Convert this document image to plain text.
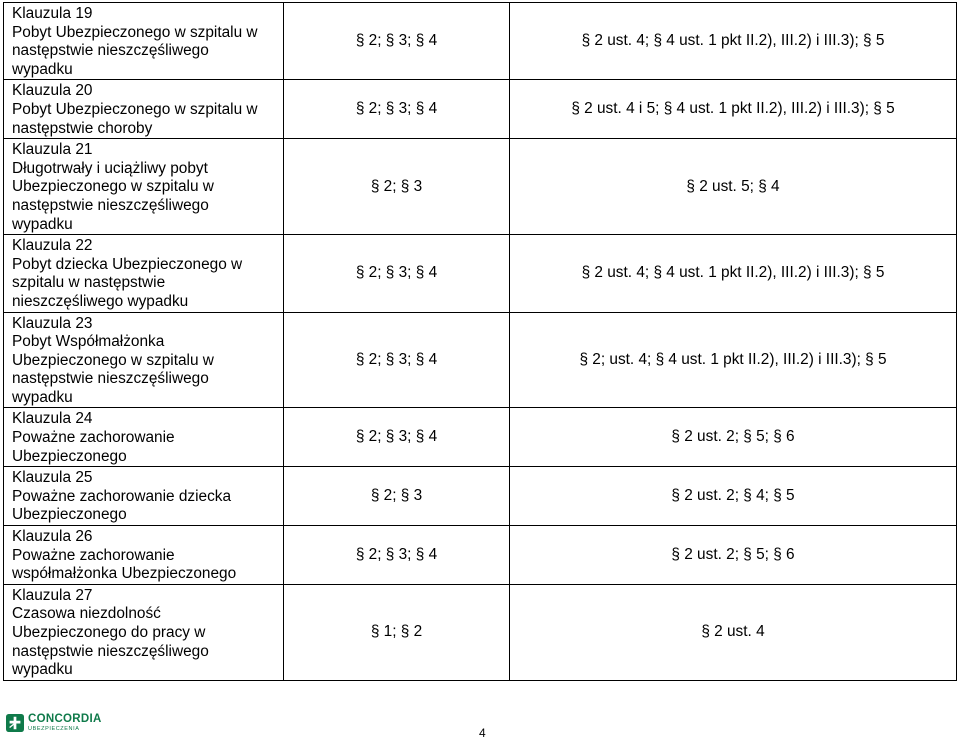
Klauzula 19
Pobyt Ubezpieczonego w szpitalu w
następstwie nieszczęśliwego
wypadku	§ 2; § 3; § 4	§ 2 ust. 4; § 4 ust. 1 pkt II.2), III.2) i III.3); § 5

Klauzula 20
Pobyt Ubezpieczonego w szpitalu w
następstwie choroby	§ 2; § 3; § 4	§ 2 ust. 4 i 5; § 4 ust. 1 pkt II.2), III.2) i III.3); § 5

Klauzula 21
Długotrwały i uciążliwy pobyt
Ubezpieczonego w szpitalu w
następstwie nieszczęśliwego
wypadku	§ 2; § 3	§ 2 ust. 5; § 4

Klauzula 22
Pobyt dziecka Ubezpieczonego w
szpitalu w następstwie
nieszczęśliwego wypadku	§ 2; § 3; § 4	§ 2 ust. 4; § 4 ust. 1 pkt II.2), III.2) i III.3); § 5

Klauzula 23
Pobyt Współmałżonka
Ubezpieczonego w szpitalu w
następstwie nieszczęśliwego
wypadku	§ 2; § 3; § 4	§ 2; ust. 4; § 4 ust. 1 pkt II.2), III.2) i III.3); § 5

Klauzula 24
Poważne zachorowanie
Ubezpieczonego	§ 2; § 3; § 4	§ 2 ust. 2; § 5; § 6

Klauzula 25
Poważne zachorowanie dziecka
Ubezpieczonego	§ 2; § 3	§ 2 ust. 2; § 4; § 5

Klauzula 26
Poważne zachorowanie
współmałżonka Ubezpieczonego	§ 2; § 3; § 4	§ 2 ust. 2; § 5; § 6

Klauzula 27
Czasowa niezdolność
Ubezpieczonego do pracy w
następstwie nieszczęśliwego
wypadku	§ 1; § 2	§ 2 ust. 4
CONCORDIA
UBEZPIECZENIA	4
